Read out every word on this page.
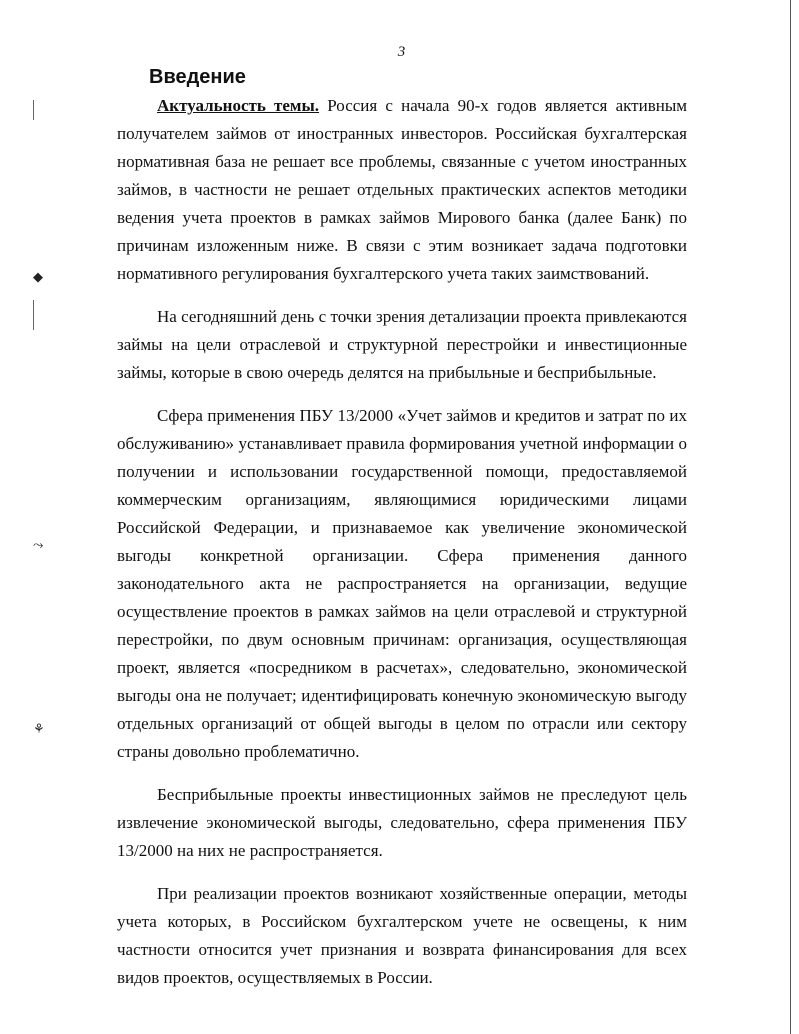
◆
⤳
⚘
3
Введение

Актуальность темы. Россия с начала 90-х годов является активным получателем займов от иностранных инвесторов. Российская бухгалтерская нормативная база не решает все проблемы, связанные с учетом иностранных займов, в частности не решает отдельных практических аспектов методики ведения учета проектов в рамках займов Мирового банка (далее Банк) по причинам изложенным ниже. В связи с этим возникает задача подготовки нормативного регулирования бухгалтерского учета таких заимствований.

На сегодняшний день с точки зрения детализации проекта привлекаются займы на цели отраслевой и структурной перестройки и инвестиционные займы, которые в свою очередь делятся на прибыльные и бесприбыльные.

Сфера применения ПБУ 13/2000 «Учет займов и кредитов и затрат по их обслуживанию» устанавливает правила формирования учетной информации о получении и использовании государственной помощи, предоставляемой коммерческим организациям, являющимися юридическими лицами Российской Федерации, и признаваемое как увеличение экономической выгоды конкретной организации. Сфера применения данного законодательного акта не распространяется на организации, ведущие осуществление проектов в рамках займов на цели отраслевой и структурной перестройки, по двум основным причинам: организация, осуществляющая проект, является «посредником в расчетах», следовательно, экономической выгоды она не получает; идентифицировать конечную экономическую выгоду отдельных организаций от общей выгоды в целом по отрасли или сектору страны довольно проблематично.

Бесприбыльные проекты инвестиционных займов не преследуют цель извлечение экономической выгоды, следовательно, сфера применения ПБУ 13/2000 на них не распространяется.

При реализации проектов возникают хозяйственные операции, методы учета которых, в Российском бухгалтерском учете не освещены, к ним частности относится учет признания и возврата финансирования для всех видов проектов, осуществляемых в России.
